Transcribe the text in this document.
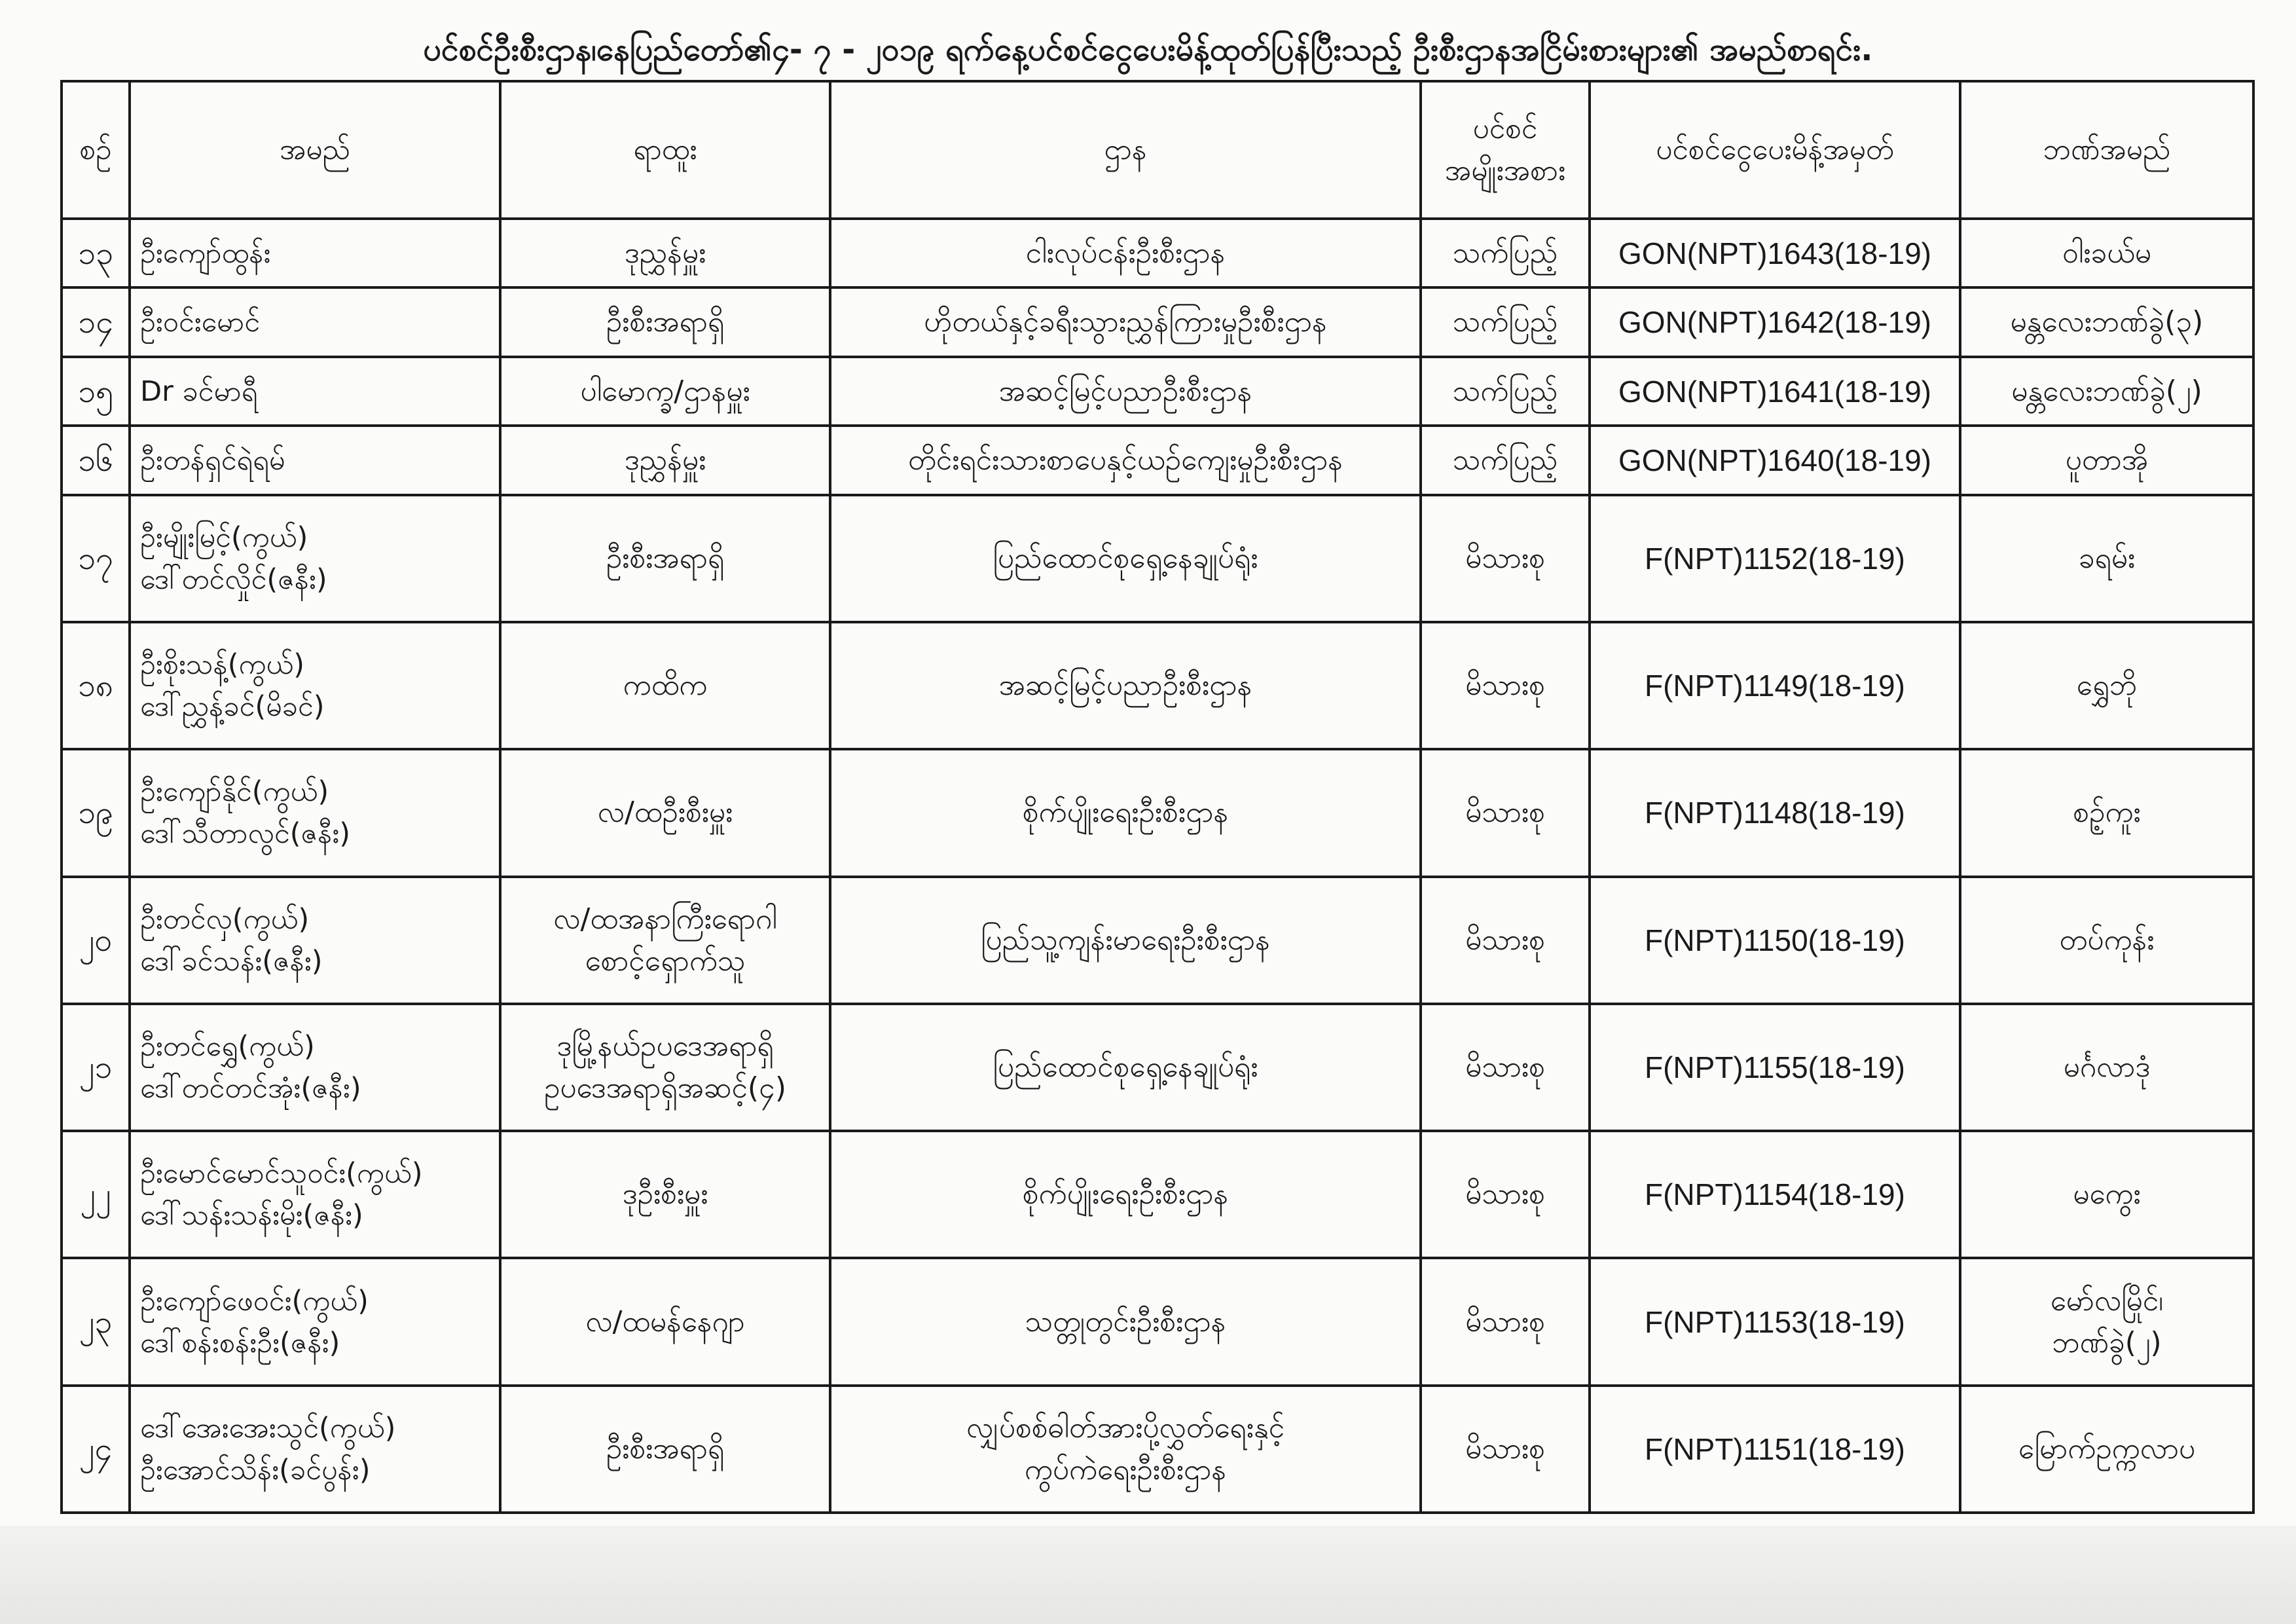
ပင်စင်ဦးစီးဌာန၊နေပြည်တော်၏၄- ၇ - ၂၀၁၉ ရက်နေ့ပင်စင်ငွေပေးမိန့်ထုတ်ပြန်ပြီးသည့် ဦးစီးဌာနအငြိမ်းစားများ၏ အမည်စာရင်း.
စဉ်	အမည်	ရာထူး	ဌာန	ပင်စင်
အမျိုးအစား	ပင်စင်ငွေပေးမိန့်အမှတ်	ဘဏ်အမည်
၁၃	ဦးကျော်ထွန်း	ဒုညွှန်မှူး	ငါးလုပ်ငန်းဦးစီးဌာန	သက်ပြည့်	GON(NPT)1643(18-19)	ဝါးခယ်မ

၁၄	ဦးဝင်းမောင်	ဦးစီးအရာရှိ	ဟိုတယ်နှင့်ခရီးသွားညွှန်ကြားမှုဦးစီးဌာန	သက်ပြည့်	GON(NPT)1642(18-19)	မန္တလေးဘဏ်ခွဲ(၃)

၁၅	Dr ခင်မာရီ	ပါမောက္ခ/ဌာနမှူး	အဆင့်မြင့်ပညာဦးစီးဌာန	သက်ပြည့်	GON(NPT)1641(18-19)	မန္တလေးဘဏ်ခွဲ(၂)

၁၆	ဦးတန်ရှင်ရဲရမ်	ဒုညွှန်မှူး	တိုင်းရင်းသားစာပေနှင့်ယဉ်ကျေးမှုဦးစီးဌာန	သက်ပြည့်	GON(NPT)1640(18-19)	ပူတာအို

၁၇	ဦးမျိုးမြင့်(ကွယ်)
ဒေါ်တင်လှိုင်(ဇနီး)	ဦးစီးအရာရှိ	ပြည်ထောင်စုရှေ့နေချုပ်ရုံး	မိသားစု	F(NPT)1152(18-19)	ခရမ်း

၁၈	ဦးစိုးသန့်(ကွယ်)
ဒေါ်ညွှန့်ခင်(မိခင်)	ကထိက	အဆင့်မြင့်ပညာဦးစီးဌာန	မိသားစု	F(NPT)1149(18-19)	ရွှေဘို

၁၉	ဦးကျော်နိုင်(ကွယ်)
ဒေါ်သီတာလွင်(ဇနီး)	လ/ထဦးစီးမှူး	စိုက်ပျိုးရေးဦးစီးဌာန	မိသားစု	F(NPT)1148(18-19)	စဉ့်ကူး

၂၀	ဦးတင်လှ(ကွယ်)
ဒေါ်ခင်သန်း(ဇနီး)	လ/ထအနာကြီးရောဂါ
စောင့်ရှောက်သူ	ပြည်သူ့ကျန်းမာရေးဦးစီးဌာန	မိသားစု	F(NPT)1150(18-19)	တပ်ကုန်း

၂၁	ဦးတင်ရွှေ(ကွယ်)
ဒေါ်တင်တင်အုံး(ဇနီး)	ဒုမြို့နယ်ဥပဒေအရာရှိ
ဥပဒေအရာရှိအဆင့်(၄)	ပြည်ထောင်စုရှေ့နေချုပ်ရုံး	မိသားစု	F(NPT)1155(18-19)	မင်္ဂလာဒုံ

၂၂	ဦးမောင်မောင်သူဝင်း(ကွယ်)
ဒေါ်သန်းသန်းမိုး(ဇနီး)	ဒုဦးစီးမှူး	စိုက်ပျိုးရေးဦးစီးဌာန	မိသားစု	F(NPT)1154(18-19)	မကွေး

၂၃	ဦးကျော်ဖေဝင်း(ကွယ်)
ဒေါ်စန်းစန်းဦး(ဇနီး)	လ/ထမန်နေဂျာ	သတ္တုတွင်းဦးစီးဌာန	မိသားစု	F(NPT)1153(18-19)	မော်လမြိုင်၊
ဘဏ်ခွဲ(၂)

၂၄	ဒေါ်အေးအေးသွင်(ကွယ်)
ဦးအောင်သိန်း(ခင်ပွန်း)	ဦးစီးအရာရှိ	လျှပ်စစ်ဓါတ်အားပို့လွှတ်ရေးနှင့်
ကွပ်ကဲရေးဦးစီးဌာန	မိသားစု	F(NPT)1151(18-19)	မြောက်ဥက္ကလာပ
